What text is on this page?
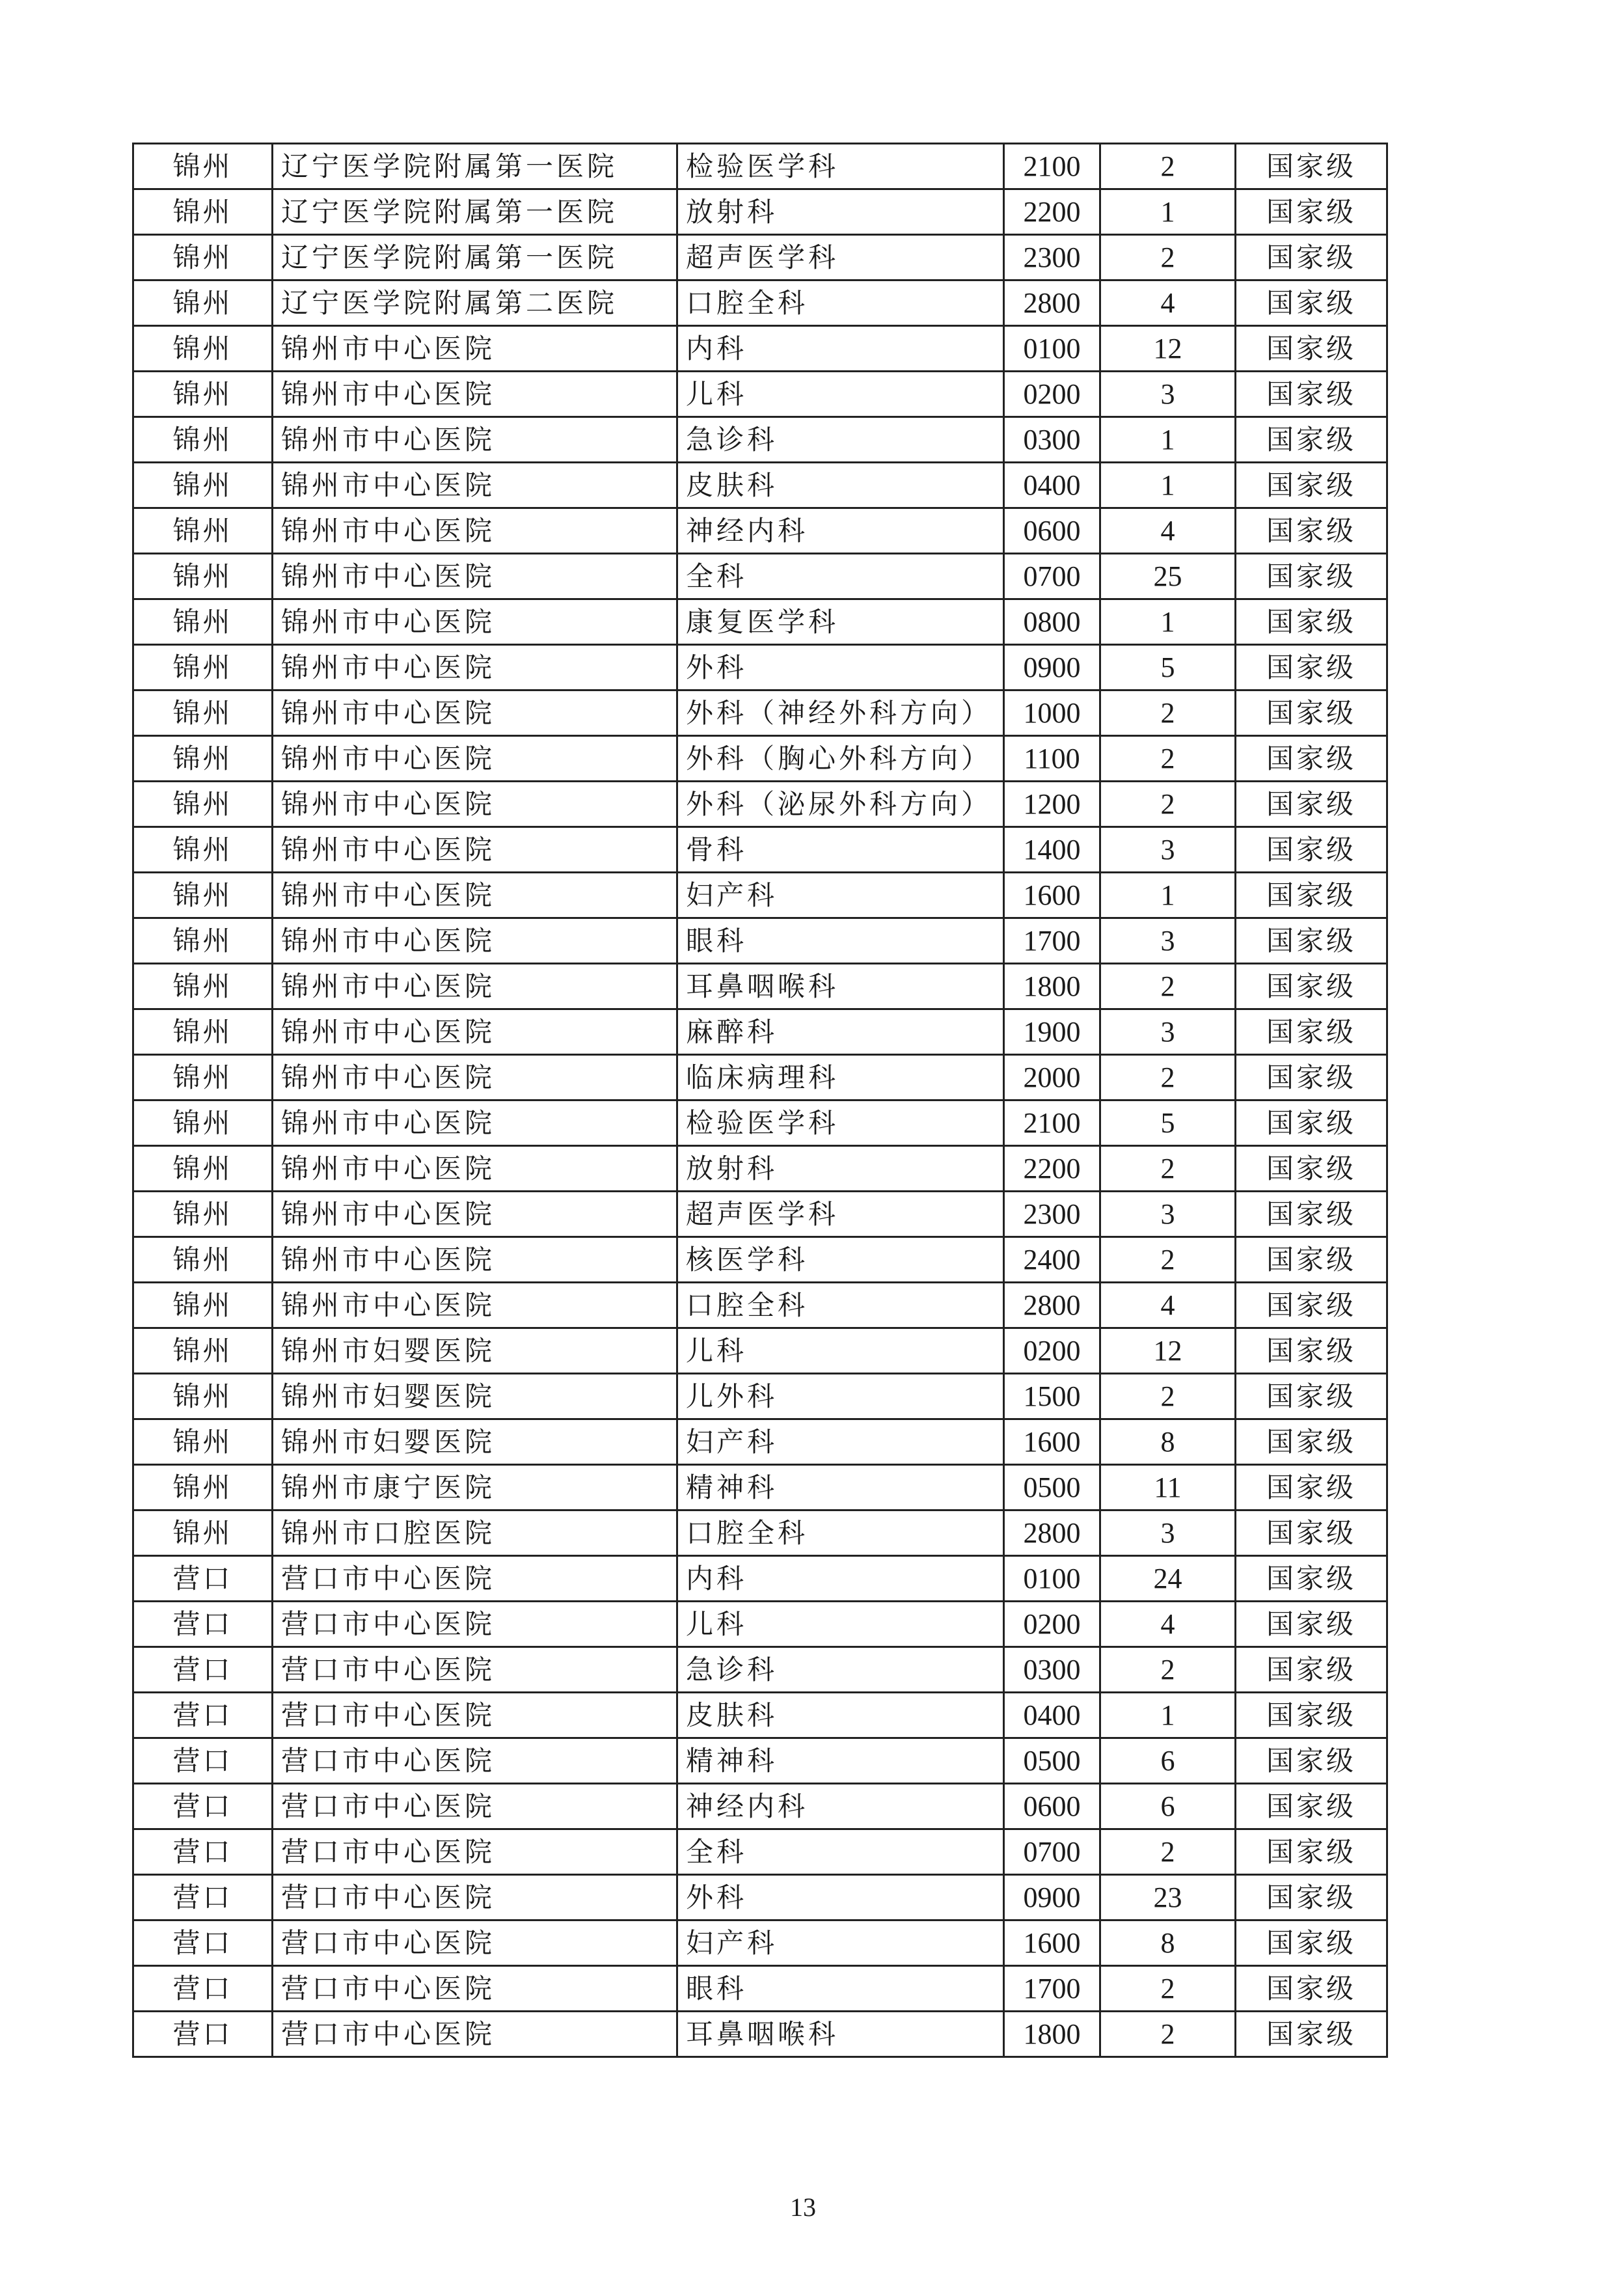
锦州	辽宁医学院附属第一医院	检验医学科	2100	2	国家级
锦州	辽宁医学院附属第一医院	放射科	2200	1	国家级
锦州	辽宁医学院附属第一医院	超声医学科	2300	2	国家级
锦州	辽宁医学院附属第二医院	口腔全科	2800	4	国家级
锦州	锦州市中心医院	内科	0100	12	国家级
锦州	锦州市中心医院	儿科	0200	3	国家级
锦州	锦州市中心医院	急诊科	0300	1	国家级
锦州	锦州市中心医院	皮肤科	0400	1	国家级
锦州	锦州市中心医院	神经内科	0600	4	国家级
锦州	锦州市中心医院	全科	0700	25	国家级
锦州	锦州市中心医院	康复医学科	0800	1	国家级
锦州	锦州市中心医院	外科	0900	5	国家级
锦州	锦州市中心医院	外科（神经外科方向）	1000	2	国家级
锦州	锦州市中心医院	外科（胸心外科方向）	1100	2	国家级
锦州	锦州市中心医院	外科（泌尿外科方向）	1200	2	国家级
锦州	锦州市中心医院	骨科	1400	3	国家级
锦州	锦州市中心医院	妇产科	1600	1	国家级
锦州	锦州市中心医院	眼科	1700	3	国家级
锦州	锦州市中心医院	耳鼻咽喉科	1800	2	国家级
锦州	锦州市中心医院	麻醉科	1900	3	国家级
锦州	锦州市中心医院	临床病理科	2000	2	国家级
锦州	锦州市中心医院	检验医学科	2100	5	国家级
锦州	锦州市中心医院	放射科	2200	2	国家级
锦州	锦州市中心医院	超声医学科	2300	3	国家级
锦州	锦州市中心医院	核医学科	2400	2	国家级
锦州	锦州市中心医院	口腔全科	2800	4	国家级
锦州	锦州市妇婴医院	儿科	0200	12	国家级
锦州	锦州市妇婴医院	儿外科	1500	2	国家级
锦州	锦州市妇婴医院	妇产科	1600	8	国家级
锦州	锦州市康宁医院	精神科	0500	11	国家级
锦州	锦州市口腔医院	口腔全科	2800	3	国家级
营口	营口市中心医院	内科	0100	24	国家级
营口	营口市中心医院	儿科	0200	4	国家级
营口	营口市中心医院	急诊科	0300	2	国家级
营口	营口市中心医院	皮肤科	0400	1	国家级
营口	营口市中心医院	精神科	0500	6	国家级
营口	营口市中心医院	神经内科	0600	6	国家级
营口	营口市中心医院	全科	0700	2	国家级
营口	营口市中心医院	外科	0900	23	国家级
营口	营口市中心医院	妇产科	1600	8	国家级
营口	营口市中心医院	眼科	1700	2	国家级
营口	营口市中心医院	耳鼻咽喉科	1800	2	国家级
13
